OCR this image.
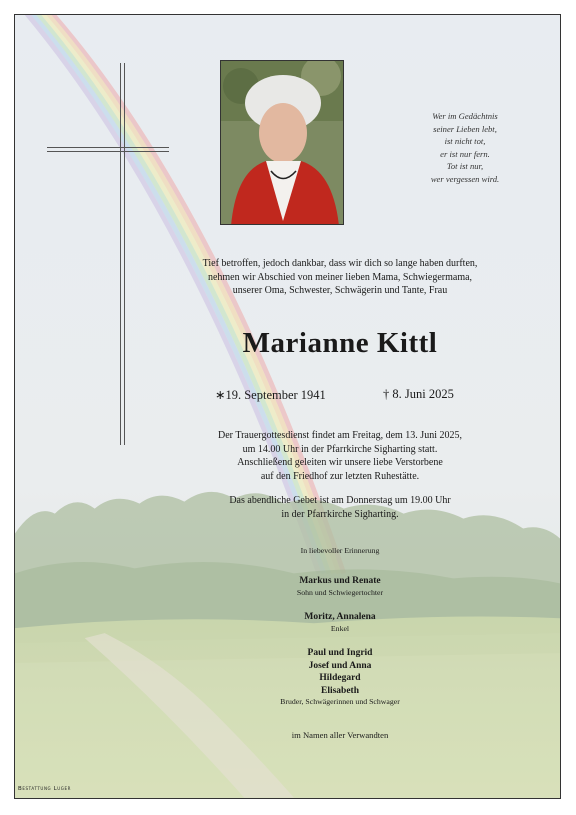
Wer im Gedächtnis
seiner Lieben lebt,
ist nicht tot,
er ist nur fern.
Tot ist nur,
wer vergessen wird.
Tief betroffen, jedoch dankbar, dass wir dich so lange haben durften,
nehmen wir Abschied von meiner lieben Mama, Schwiegermama,
unserer Oma, Schwester, Schwägerin und Tante, Frau
Marianne Kittl
∗19. September 1941	† 8. Juni 2025
Der Trauergottesdienst findet am Freitag, dem 13. Juni 2025,
um 14.00 Uhr in der Pfarrkirche Sigharting statt.
Anschließend geleiten wir unsere liebe Verstorbene
auf den Friedhof zur letzten Ruhestätte.
Das abendliche Gebet ist am Donnerstag um 19.00 Uhr
in der Pfarrkirche Sigharting.
In liebevoller Erinnerung
Markus und Renate
Sohn und Schwiegertochter
Moritz, Annalena
Enkel
Paul und Ingrid
Josef und Anna
Hildegard
Elisabeth
Bruder, Schwägerinnen und Schwager
im Namen aller Verwandten
Bestattung Luger
